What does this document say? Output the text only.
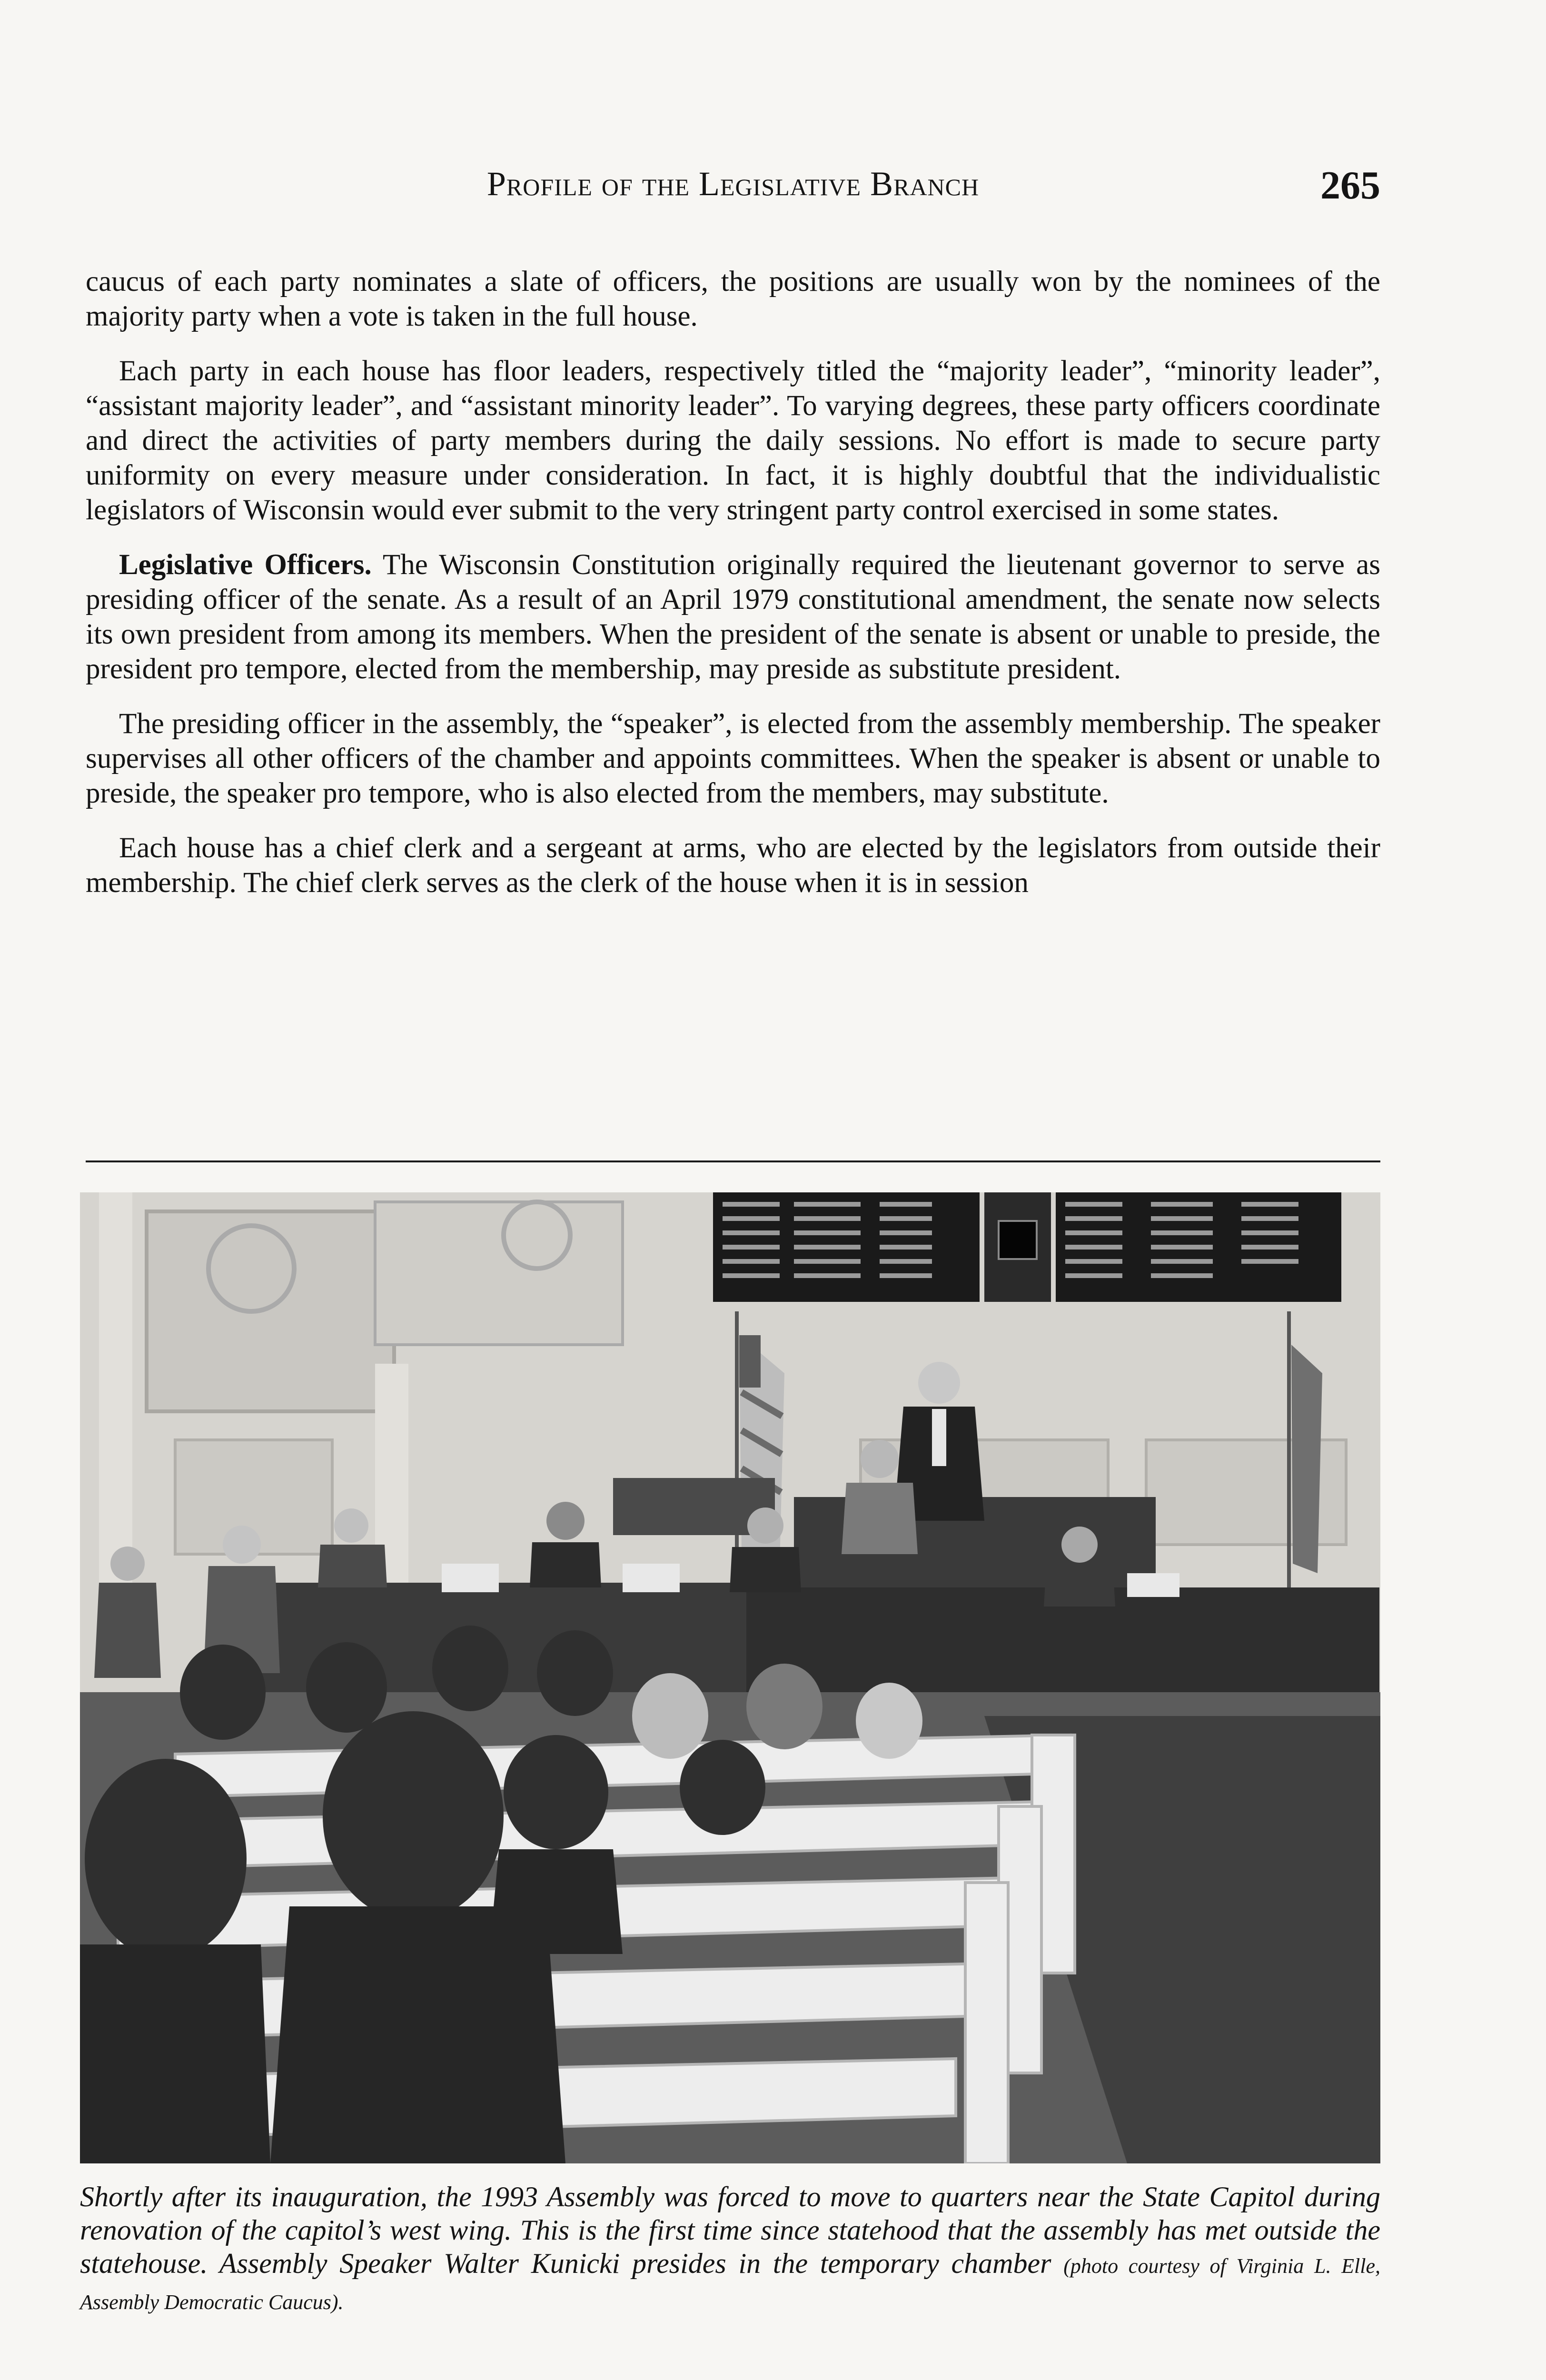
Profile of the Legislative Branch	265

caucus of each party nominates a slate of officers, the positions are usually won by the nominees of the majority party when a vote is taken in the full house.

Each party in each house has floor leaders, respectively titled the “majority leader”, “minority leader”, “assistant majority leader”, and “assistant minority leader”. To varying degrees, these party officers coordinate and direct the activities of party members during the daily sessions. No effort is made to secure party uniformity on every measure under consideration. In fact, it is highly doubtful that the individualistic legislators of Wisconsin would ever submit to the very stringent party control exercised in some states.

Legislative Officers. The Wisconsin Constitution originally required the lieutenant governor to serve as presiding officer of the senate. As a result of an April 1979 constitutional amendment, the senate now selects its own president from among its members. When the president of the senate is absent or unable to preside, the president pro tempore, elected from the membership, may preside as substitute president.

The presiding officer in the assembly, the “speaker”, is elected from the assembly membership. The speaker supervises all other officers of the chamber and appoints committees. When the speaker is absent or unable to preside, the speaker pro tempore, who is also elected from the members, may substitute.

Each house has a chief clerk and a sergeant at arms, who are elected by the legislators from outside their membership. The chief clerk serves as the clerk of the house when it is in session

Shortly after its inauguration, the 1993 Assembly was forced to move to quarters near the State Capitol during renovation of the capitol’s west wing. This is the first time since statehood that the assembly has met outside the statehouse. Assembly Speaker Walter Kunicki presides in the temporary chamber (photo courtesy of Virginia L. Elle, Assembly Democratic Caucus).
